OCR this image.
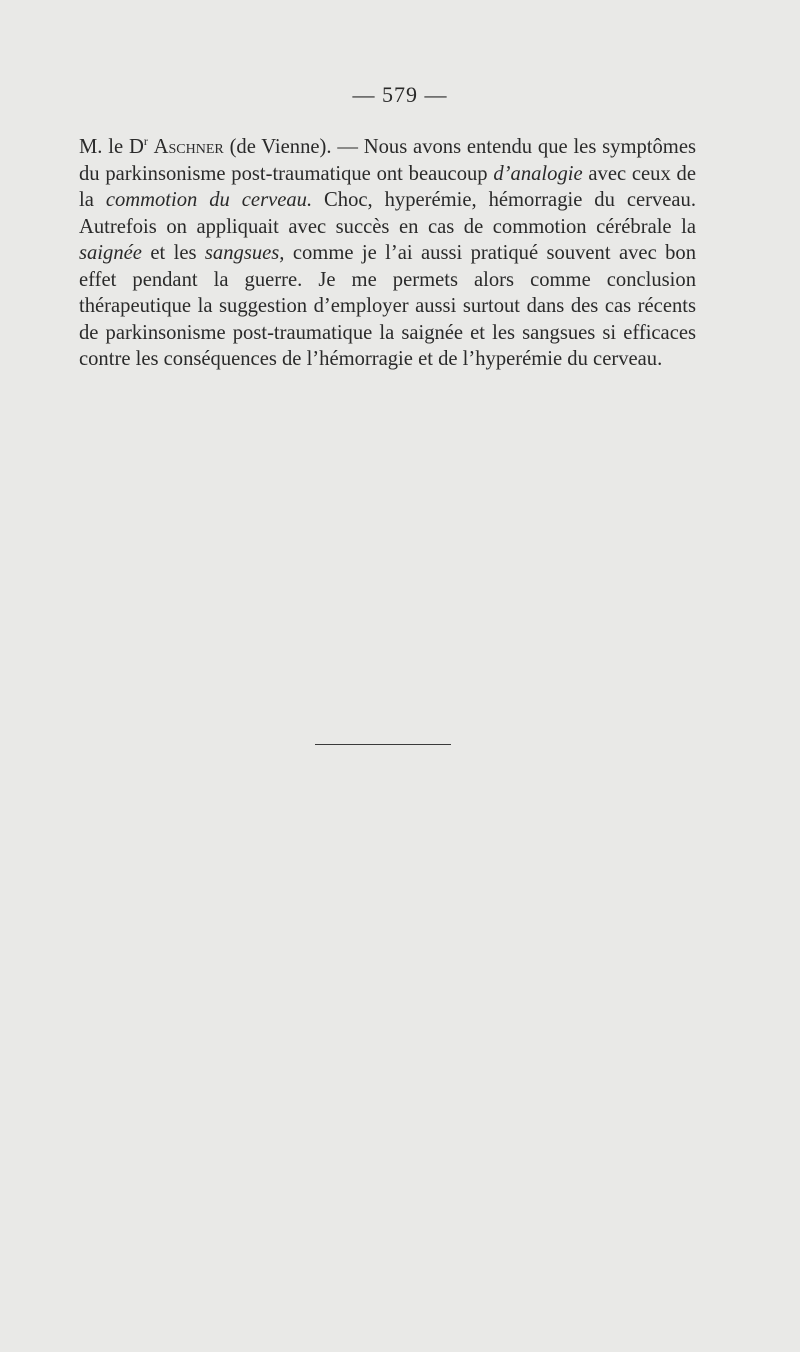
— 579 —

M. le $D^r$ Aschner (de Vienne). — Nous avons entendu que les symptômes du parkinsonisme post-traumatique ont beaucoup d’analogie avec ceux de la commotion du cerveau. Choc, hyperémie, hémorragie du cerveau. Autrefois on appliquait avec succès en cas de commotion cérébrale la saignée et les sangsues, comme je l’ai aussi pratiqué souvent avec bon effet pendant la guerre. Je me permets alors comme conclusion thérapeutique la suggestion d’employer aussi surtout dans des cas récents de parkinsonisme post-traumatique la saignée et les sangsues si efficaces contre les conséquences de l’hémorragie et de l’hyperémie du cerveau.
